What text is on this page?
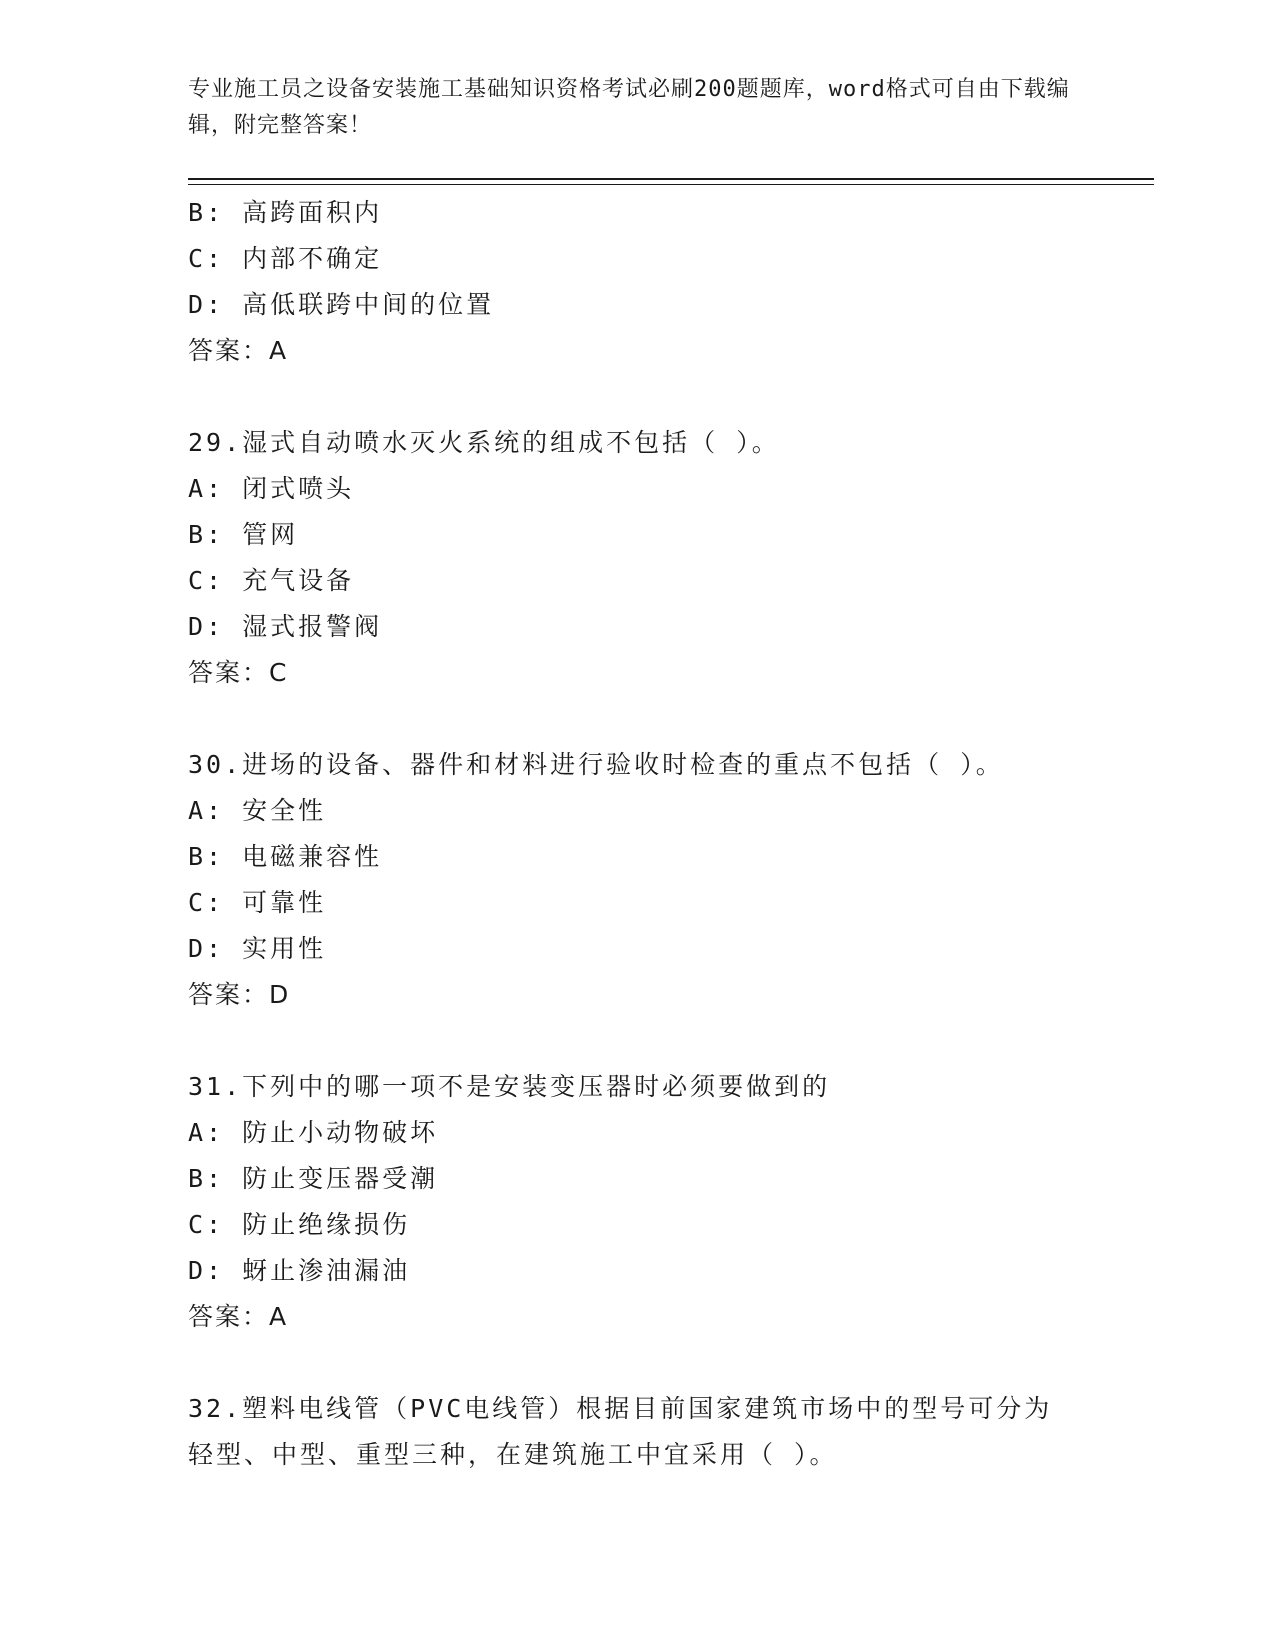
专业施工员之设备安装施工基础知识资格考试必刷200题题库，word格式可自由下载编辑，附完整答案！
B: 高跨面积内
C: 内部不确定
D: 高低联跨中间的位置
答案：A
29.湿式自动喷水灭火系统的组成不包括（ ）。
A: 闭式喷头
B: 管网
C: 充气设备
D: 湿式报警阀
答案：C
30.进场的设备、器件和材料进行验收时检查的重点不包括（ ）。
A: 安全性
B: 电磁兼容性
C: 可靠性
D: 实用性
答案：D
31.下列中的哪一项不是安装变压器时必须要做到的
A: 防止小动物破坏
B: 防止变压器受潮
C: 防止绝缘损伤
D: 蚜止渗油漏油
答案：A
32.塑料电线管（PVC电线管）根据目前国家建筑市场中的型号可分为
轻型、中型、重型三种，在建筑施工中宜采用（ ）。
